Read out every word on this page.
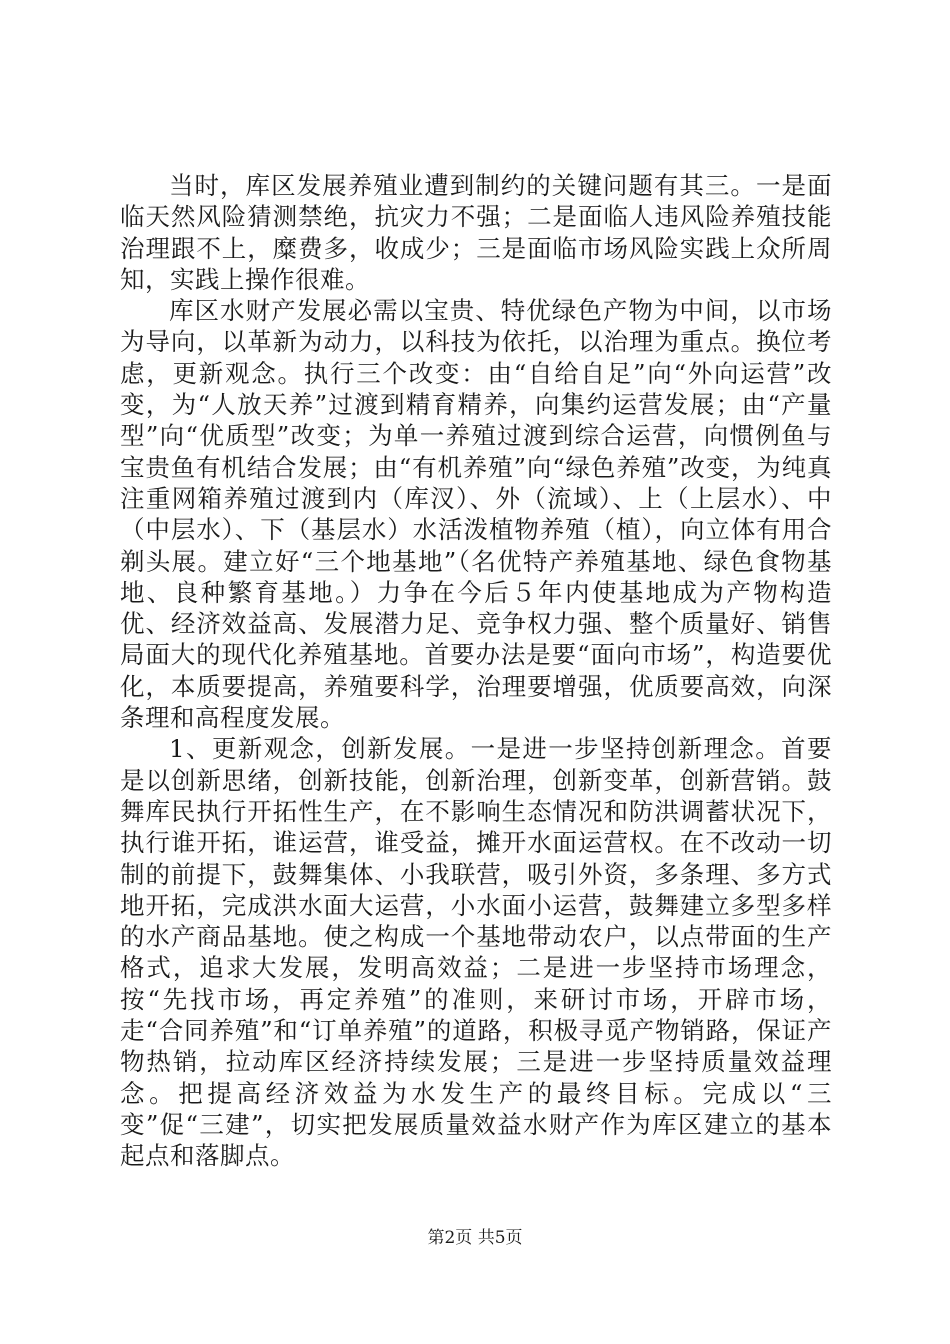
当时，库区发展养殖业遭到制约的关键问题有其三。一是面临天然风险猜测禁绝，抗灾力不强；二是面临人违风险养殖技能治理跟不上，糜费多，收成少；三是面临市场风险实践上众所周知，实践上操作很难。

库区水财产发展必需以宝贵、特优绿色产物为中间，以市场为导向，以革新为动力，以科技为依托，以治理为重点。换位考虑，更新观念。执行三个改变：由“自给自足”向“外向运营”改变，为“人放天养”过渡到精育精养，向集约运营发展；由“产量型”向“优质型”改变；为单一养殖过渡到综合运营，向惯例鱼与宝贵鱼有机结合发展；由“有机养殖”向“绿色养殖”改变，为纯真注重网箱养殖过渡到内（库汊）、外（流域）、上（上层水）、中（中层水）、下（基层水）水活泼植物养殖（植），向立体有用合剃头展。建立好“三个地基地”（名优特产养殖基地、绿色食物基地、良种繁育基地。）力争在今后５年内使基地成为产物构造优、经济效益高、发展潜力足、竞争权力强、整个质量好、销售局面大的现代化养殖基地。首要办法是要“面向市场”，构造要优化，本质要提高，养殖要科学，治理要增强，优质要高效，向深条理和高程度发展。

1、更新观念，创新发展。一是进一步坚持创新理念。首要是以创新思绪，创新技能，创新治理，创新变革，创新营销。鼓舞库民执行开拓性生产，在不影响生态情况和防洪调蓄状况下，执行谁开拓，谁运营，谁受益，摊开水面运营权。在不改动一切制的前提下，鼓舞集体、小我联营，吸引外资，多条理、多方式地开拓，完成洪水面大运营，小水面小运营，鼓舞建立多型多样的水产商品基地。使之构成一个基地带动农户，以点带面的生产格式，追求大发展，发明高效益；二是进一步坚持市场理念，按“先找市场，再定养殖”的准则，来研讨市场，开辟市场，走“合同养殖”和“订单养殖”的道路，积极寻觅产物销路，保证产物热销，拉动库区经济持续发展；三是进一步坚持质量效益理念。把提高经济效益为水发生产的最终目标。完成以“三变”促“三建”，切实把发展质量效益水财产作为库区建立的基本起点和落脚点。

第2页 共5页
